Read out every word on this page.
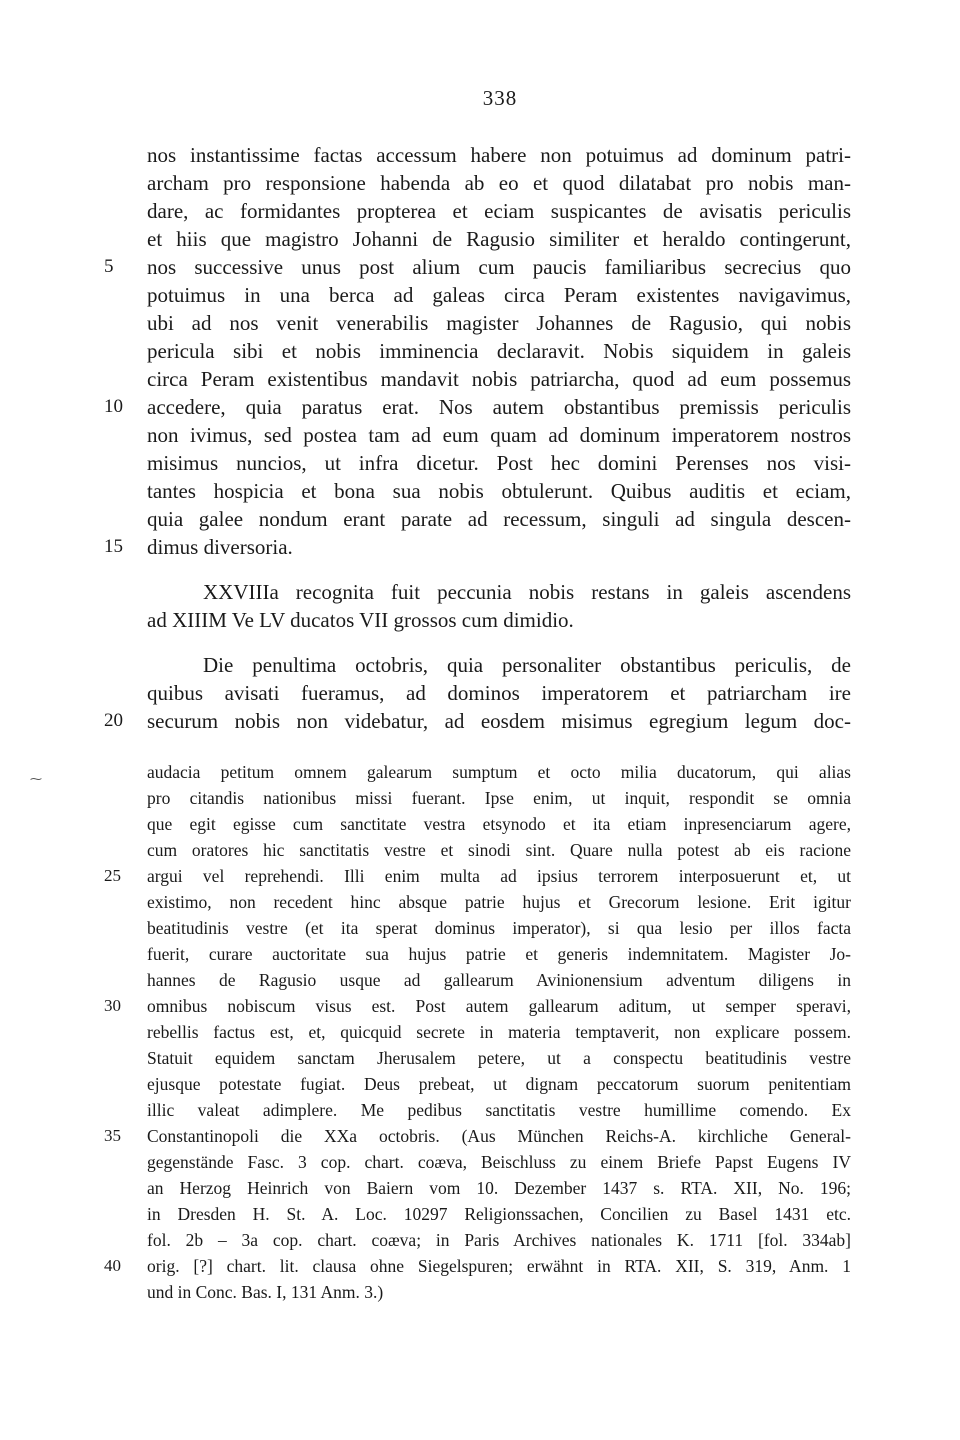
338
nos instantissime factas accessum habere non potuimus ad dominum patri-
archam pro responsione habenda ab eo et quod dilatabat pro nobis man-
dare, ac formidantes propterea et eciam suspicantes de avisatis periculis
et hiis que magistro Johanni de Ragusio similiter et heraldo contingerunt,
nos successive unus post alium cum paucis familiaribus secrecius quo
potuimus in una berca ad galeas circa Peram existentes navigavimus,
ubi ad nos venit venerabilis magister Johannes de Ragusio, qui nobis
pericula sibi et nobis imminencia declaravit. Nobis siquidem in galeis
circa Peram existentibus mandavit nobis patriarcha, quod ad eum possemus
accedere, quia paratus erat. Nos autem obstantibus premissis periculis
non ivimus, sed postea tam ad eum quam ad dominum imperatorem nostros
misimus nuncios, ut infra dicetur. Post hec domini Perenses nos visi-
tantes hospicia et bona sua nobis obtulerunt. Quibus auditis et eciam,
quia galee nondum erant parate ad recessum, singuli ad singula descen-
dimus diversoria.
XXVIIIa recognita fuit peccunia nobis restans in galeis ascendens
ad XIIIM Ve LV ducatos VII grossos cum dimidio.
Die penultima octobris, quia personaliter obstantibus periculis, de
quibus avisati fueramus, ad dominos imperatorem et patriarcham ire
securum nobis non videbatur, ad eosdem misimus egregium legum doc-
5
10
15
20
audacia petitum omnem galearum sumptum et octo milia ducatorum, qui alias
pro citandis nationibus missi fuerant. Ipse enim, ut inquit, respondit se omnia
que egit egisse cum sanctitate vestra etsynodo et ita etiam inpresenciarum agere,
cum oratores hic sanctitatis vestre et sinodi sint. Quare nulla potest ab eis racione
argui vel reprehendi. Illi enim multa ad ipsius terrorem interposuerunt et, ut
existimo, non recedent hinc absque patrie hujus et Grecorum lesione. Erit igitur
beatitudinis vestre (et ita sperat dominus imperator), si qua lesio per illos facta
fuerit, curare auctoritate sua hujus patrie et generis indemnitatem. Magister Jo-
hannes de Ragusio usque ad gallearum Avinionensium adventum diligens in
omnibus nobiscum visus est. Post autem gallearum aditum, ut semper speravi,
rebellis factus est, et, quicquid secrete in materia temptaverit, non explicare possem.
Statuit equidem sanctam Jherusalem petere, ut a conspectu beatitudinis vestre
ejusque potestate fugiat. Deus prebeat, ut dignam peccatorum suorum penitentiam
illic valeat adimplere. Me pedibus sanctitatis vestre humillime comendo. Ex
Constantinopoli die XXa octobris. (Aus München Reichs-A. kirchliche General-
gegenstände Fasc. 3 cop. chart. coæva, Beischluss zu einem Briefe Papst Eugens IV
an Herzog Heinrich von Baiern vom 10. Dezember 1437 s. RTA. XII, No. 196;
in Dresden H. St. A. Loc. 10297 Religionssachen, Concilien zu Basel 1431 etc.
fol. 2b – 3a cop. chart. coæva; in Paris Archives nationales K. 1711 [fol. 334ab]
orig. [?] chart. lit. clausa ohne Siegelspuren; erwähnt in RTA. XII, S. 319, Anm. 1
und in Conc. Bas. I, 131 Anm. 3.)
25
30
35
40
⁓
